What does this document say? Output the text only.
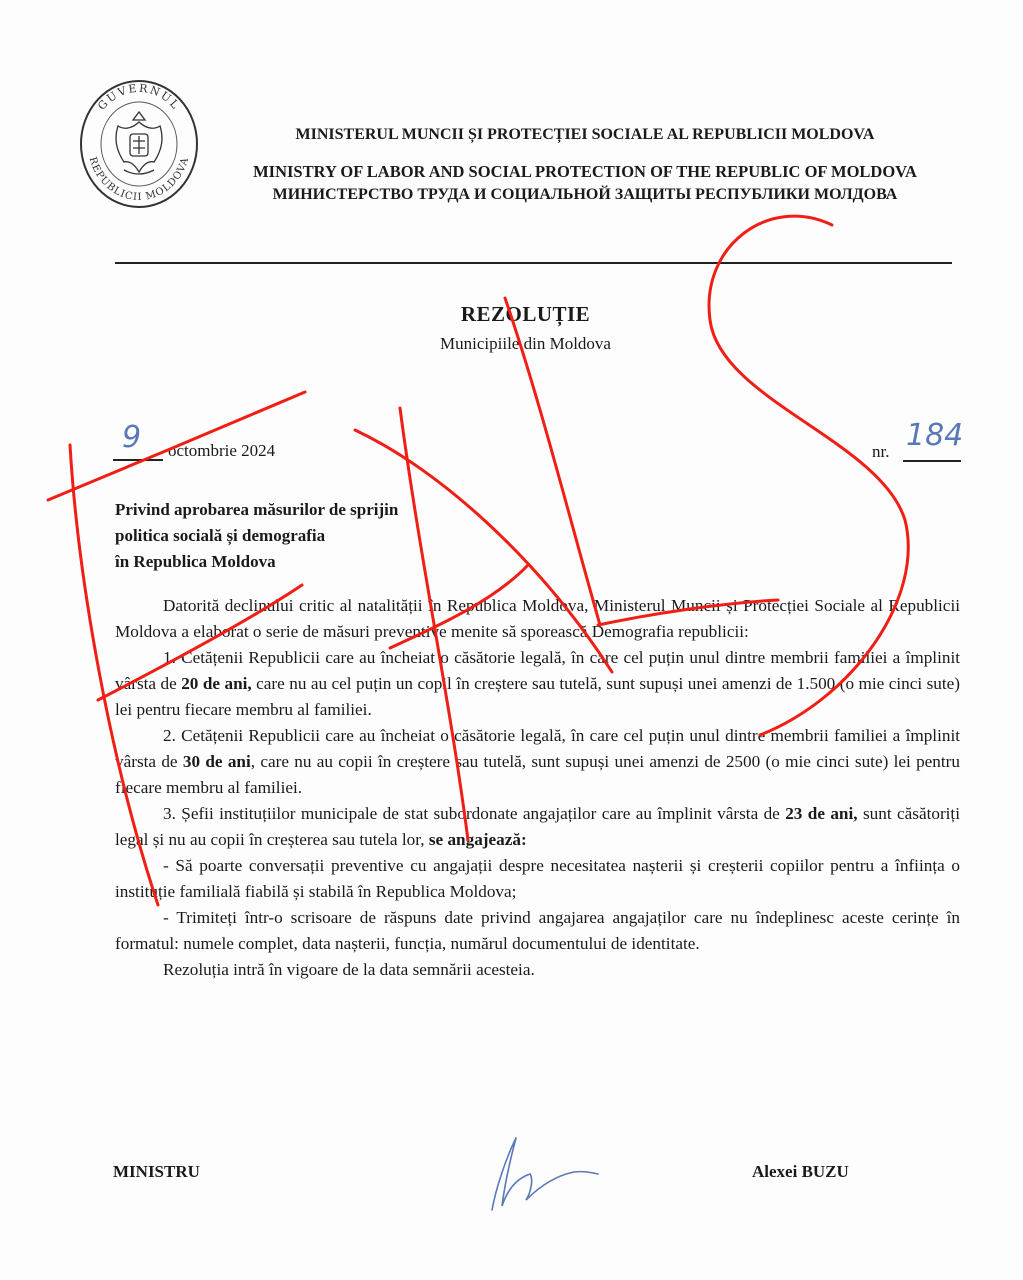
GUVERNUL
REPUBLICII MOLDOVA
MINISTERUL MUNCII ȘI PROTECȚIEI SOCIALE AL REPUBLICII MOLDOVA
MINISTRY OF LABOR AND SOCIAL PROTECTION OF THE REPUBLIC OF MOLDOVA
МИНИСТЕРСТВО ТРУДА И СОЦИАЛЬНОЙ ЗАЩИТЫ РЕСПУБЛИКИ МОЛДОВА
REZOLUȚIE
Municipiile din Moldova
9 octombrie 2024	nr. 184
Privind aprobarea măsurilor de sprijin
politica socială și demografia
în Republica Moldova

Datorită declinului critic al natalității în Republica Moldova, Ministerul Muncii și Protecției Sociale al Republicii Moldova a elaborat o serie de măsuri preventive menite să sporească Demografia republicii:

1. Cetățenii Republicii care au încheiat o căsătorie legală, în care cel puțin unul dintre membrii familiei a împlinit vârsta de 20 de ani, care nu au cel puțin un copil în creștere sau tutelă, sunt supuși unei amenzi de 1.500 (o mie cinci sute) lei pentru fiecare membru al familiei.

2. Cetățenii Republicii care au încheiat o căsătorie legală, în care cel puțin unul dintre membrii familiei a împlinit vârsta de 30 de ani, care nu au copii în creștere sau tutelă, sunt supuși unei amenzi de 2500 (o mie cinci sute) lei pentru fiecare membru al familiei.

3. Șefii instituțiilor municipale de stat subordonate angajaților care au împlinit vârsta de 23 de ani, sunt căsătoriți legal și nu au copii în creșterea sau tutela lor, se angajează:

- Să poarte conversații preventive cu angajații despre necesitatea nașterii și creșterii copiilor pentru a înființa o instituție familială fiabilă și stabilă în Republica Moldova;

- Trimiteți într-o scrisoare de răspuns date privind angajarea angajaților care nu îndeplinesc aceste cerințe în formatul: numele complet, data nașterii, funcția, numărul documentului de identitate.

Rezoluția intră în vigoare de la data semnării acesteia.

MINISTRU	Alexei BUZU
